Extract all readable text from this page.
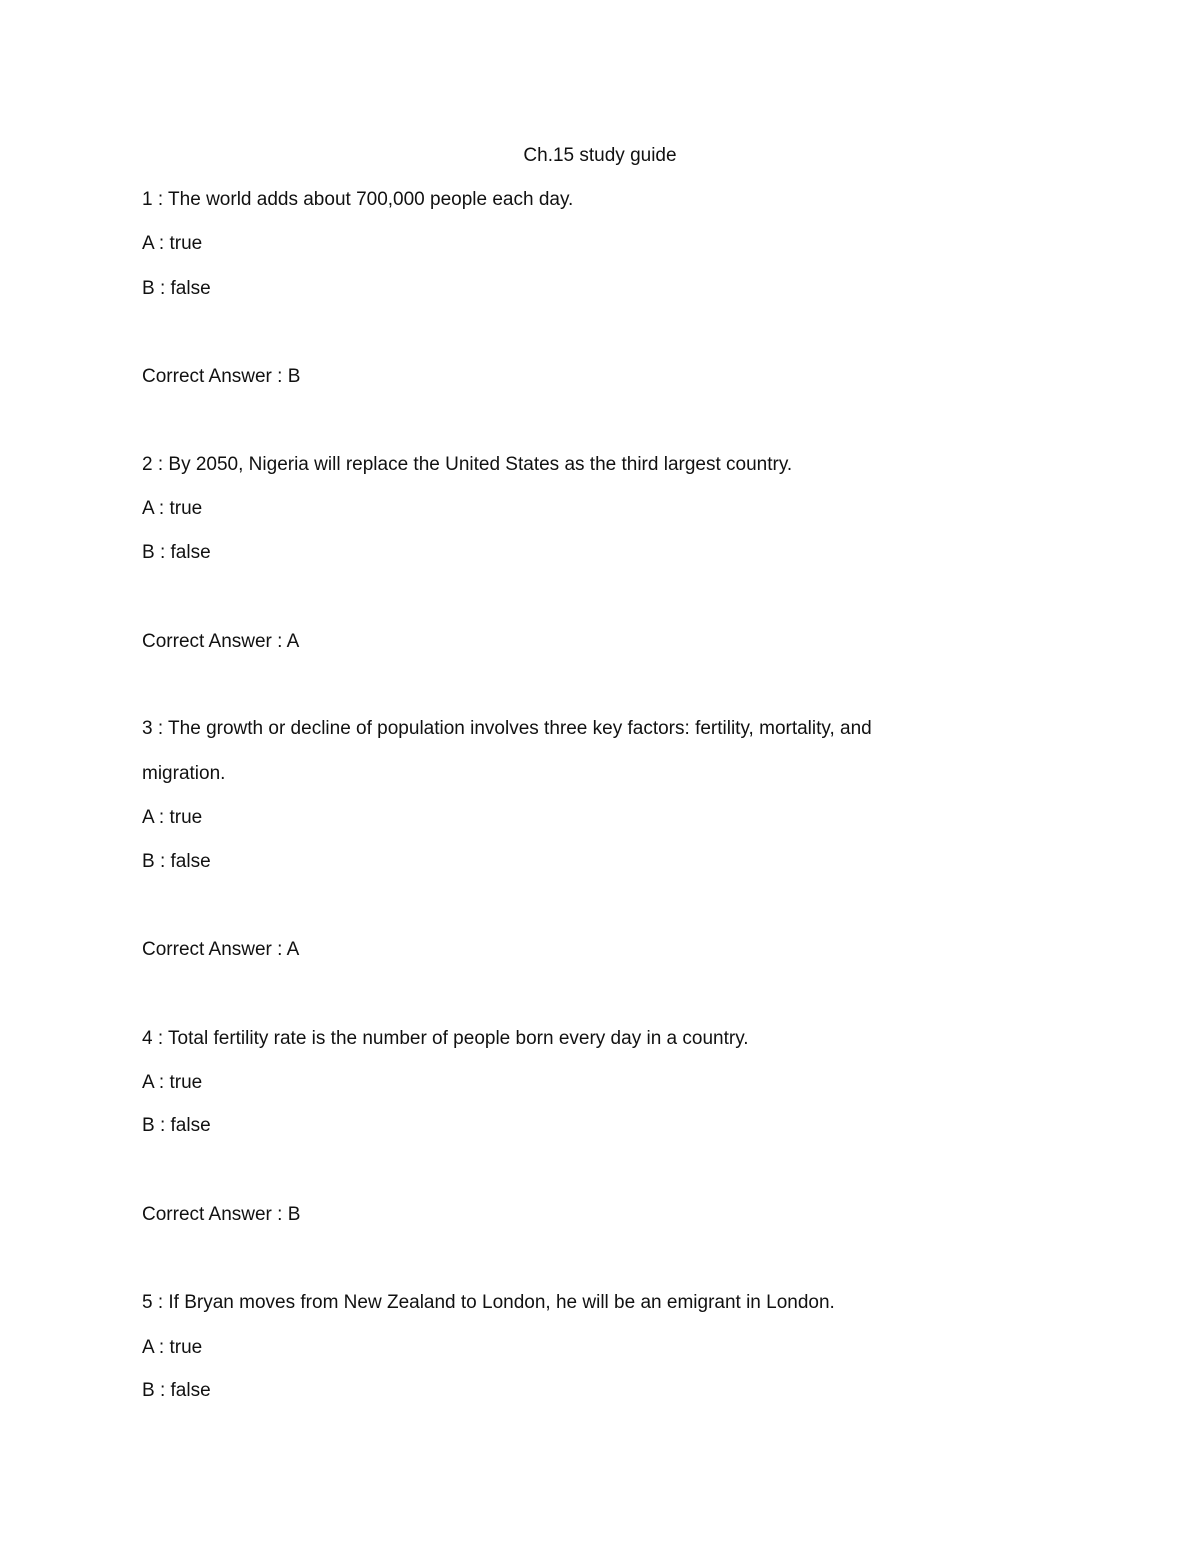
Ch.15 study guide
1 : The world adds about 700,000 people each day.
A : true
B : false
Correct Answer : B
2 : By 2050, Nigeria will replace the United States as the third largest country.
A : true
B : false
Correct Answer : A
3 : The growth or decline of population involves three key factors: fertility, mortality, and
migration.
A : true
B : false
Correct Answer : A
4 : Total fertility rate is the number of people born every day in a country.
A : true
B : false
Correct Answer : B
5 : If Bryan moves from New Zealand to London, he will be an emigrant in London.
A : true
B : false
